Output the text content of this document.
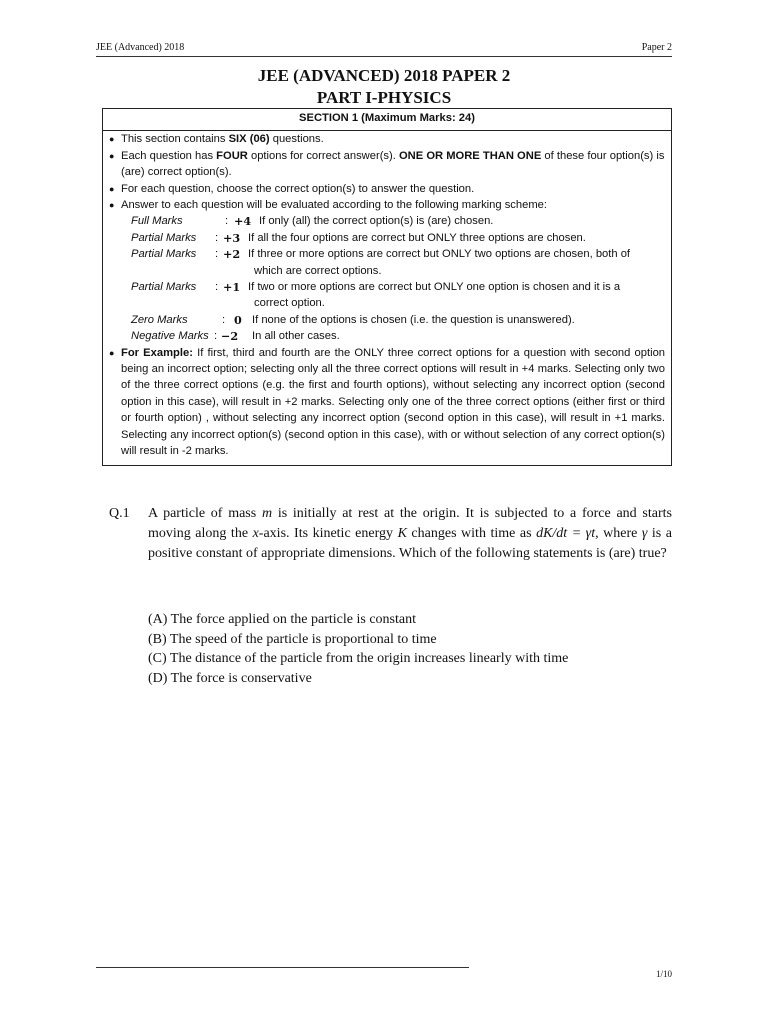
JEE (Advanced) 2018	Paper 2
JEE (ADVANCED) 2018 PAPER 2
PART I-PHYSICS
SECTION 1 (Maximum Marks: 24)
● This section contains SIX (06) questions.
● Each question has FOUR options for correct answer(s). ONE OR MORE THAN ONE of these four option(s) is (are) correct option(s).
● For each question, choose the correct option(s) to answer the question.
● Answer to each question will be evaluated according to the following marking scheme:
Full Marks	: +4 If only (all) the correct option(s) is (are) chosen.
Partial Marks : +3 If all the four options are correct but ONLY three options are chosen.
Partial Marks : +2 If three or more options are correct but ONLY two options are chosen, both of
which are correct options.
Partial Marks : +1 If two or more options are correct but ONLY one option is chosen and it is a
correct option.
Zero Marks	: 0 If none of the options is chosen (i.e. the question is unanswered).
Negative Marks : −2 In all other cases.
● For Example: If first, third and fourth are the ONLY three correct options for a question with second option being an incorrect option; selecting only all the three correct options will result in +4 marks. Selecting only two of the three correct options (e.g. the first and fourth options), without selecting any incorrect option (second option in this case), will result in +2 marks. Selecting only one of the three correct options (either first or third or fourth option) , without selecting any incorrect option (second option in this case), will result in +1 marks. Selecting any incorrect option(s) (second option in this case), with or without selection of any correct option(s) will result in -2 marks.
Q.1 A particle of mass m is initially at rest at the origin. It is subjected to a force and starts moving along the x-axis. Its kinetic energy K changes with time as dK/dt = γt, where γ is a positive constant of appropriate dimensions. Which of the following statements is (are) true?
(A) The force applied on the particle is constant
(B) The speed of the particle is proportional to time
(C) The distance of the particle from the origin increases linearly with time
(D) The force is conservative
1/10
